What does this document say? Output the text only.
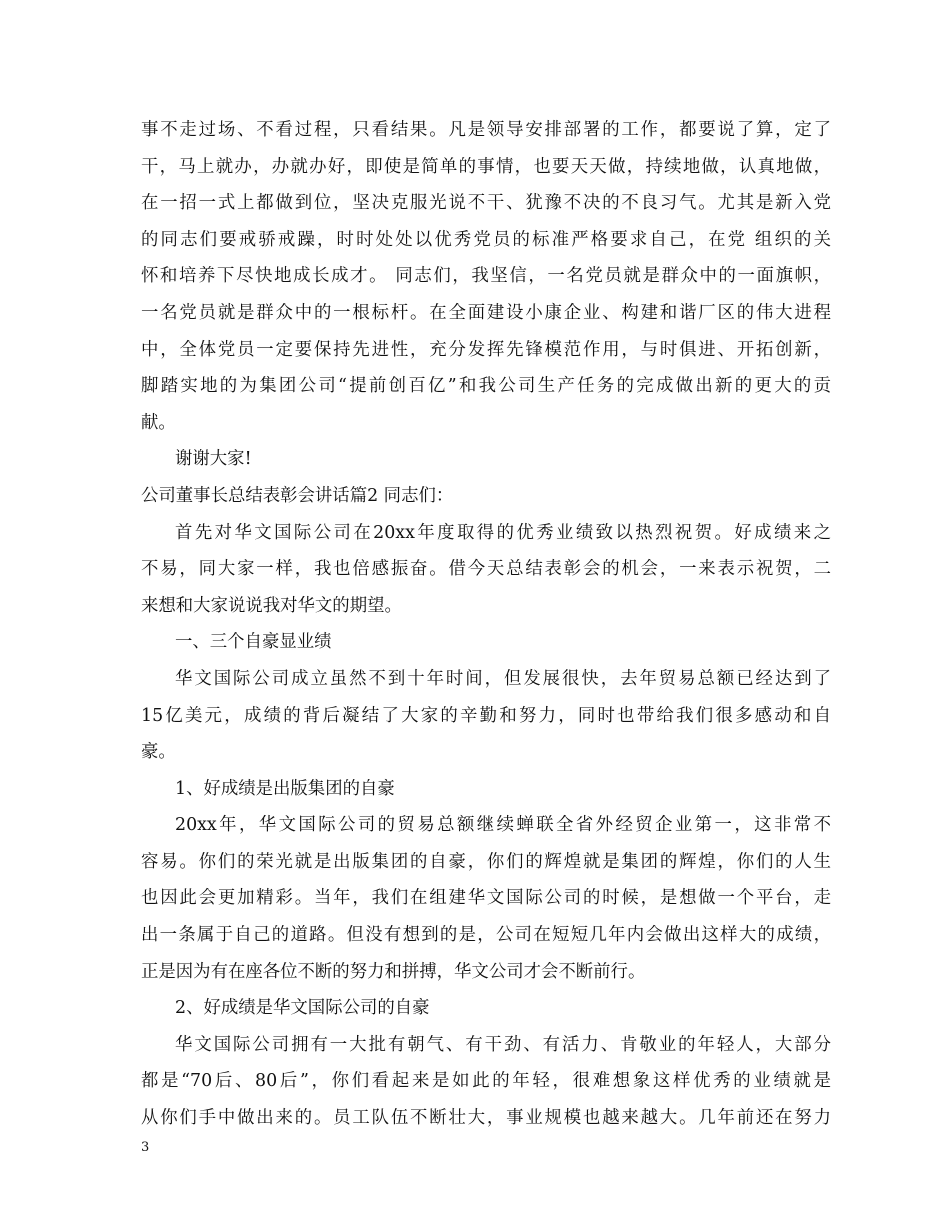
事不走过场、不看过程，只看结果。凡是领导安排部署的工作，都要说了算，定了
干，马上就办，办就办好，即使是简单的事情，也要天天做，持续地做，认真地做，
在一招一式上都做到位，坚决克服光说不干、犹豫不决的不良习气。尤其是新入党
的同志们要戒骄戒躁，时时处处以优秀党员的标准严格要求自己，在党 组织的关
怀和培养下尽快地成长成才。 同志们，我坚信，一名党员就是群众中的一面旗帜，
一名党员就是群众中的一根标杆。在全面建设小康企业、构建和谐厂区的伟大进程
中，全体党员一定要保持先进性，充分发挥先锋模范作用，与时俱进、开拓创新，
脚踏实地的为集团公司“提前创百亿”和我公司生产任务的完成做出新的更大的贡
献。
谢谢大家!
公司董事长总结表彰会讲话篇2 同志们：
首先对华文国际公司在20xx年度取得的优秀业绩致以热烈祝贺。好成绩来之
不易，同大家一样，我也倍感振奋。借今天总结表彰会的机会，一来表示祝贺，二
来想和大家说说我对华文的期望。
一、三个自豪显业绩
华文国际公司成立虽然不到十年时间，但发展很快，去年贸易总额已经达到了
15亿美元，成绩的背后凝结了大家的辛勤和努力，同时也带给我们很多感动和自
豪。
1、好成绩是出版集团的自豪
20xx年，华文国际公司的贸易总额继续蝉联全省外经贸企业第一，这非常不
容易。你们的荣光就是出版集团的自豪，你们的辉煌就是集团的辉煌，你们的人生
也因此会更加精彩。当年，我们在组建华文国际公司的时候，是想做一个平台，走
出一条属于自己的道路。但没有想到的是，公司在短短几年内会做出这样大的成绩，
正是因为有在座各位不断的努力和拼搏，华文公司才会不断前行。
2、好成绩是华文国际公司的自豪
华文国际公司拥有一大批有朝气、有干劲、有活力、肯敬业的年轻人，大部分
都是“70后、80后”，你们看起来是如此的年轻，很难想象这样优秀的业绩就是
从你们手中做出来的。员工队伍不断壮大，事业规模也越来越大。几年前还在努力
3
